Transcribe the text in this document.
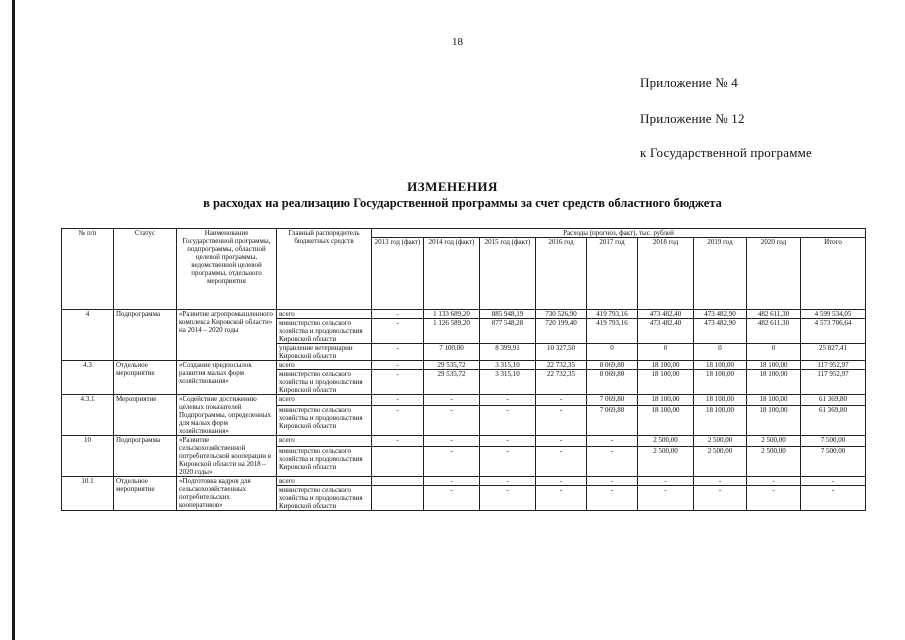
18
Приложение № 4
Приложение № 12
к Государственной программе
ИЗМЕНЕНИЯ
в расходах на реализацию Государственной программы за счет средств областного бюджета
№ п/п	Статус	Наименование Государственной программы, подпрограммы, областной целевой программы, ведомственной целевой программы, отдельного мероприятия	Главный распорядитель бюджетных средств	Расходы (прогноз, факт), тыс. рублей								
				2013 год (факт)	2014 год (факт)	2015 год (факт)	2016 год	2017 год	2018 год	2019 год	2020 год	Итого
4	Подпрограмма	«Развитие агропромышленного комплекса Кировской области» на 2014 – 2020 годы	всего	-	1 133 689,20	885 948,19	730 526,90	419 793,16	473 482,40	473 482,90	482 611,30	4 599 534,05
			министерство сельского хозяйства и продовольствия Кировской области	-	1 126 589,20	877 548,28	720 199,40	419 793,16	473 482,40	473 482,90	482 611,30	4 573 706,64
			управление ветеринарии Кировской области	-	7 100,00	8 399,91	10 327,50	0	0	0	0	25 827,41
4.3	Отдельное мероприятие	«Создание предпосылок развития малых форм хозяйствования»	всего	-	29 535,72	3 315,10	22 732,35	8 069,80	18 100,00	18 100,00	18 100,00	117 952,97
			министерство сельского хозяйства и продовольствия Кировской области	-	29 535,72	3 315,10	22 732,35	8 069,80	18 100,00	18 100,00	18 100,00	117 952,97
4.3.1	Мероприятие	«Содействие достижению целевых показателей Подпрограммы, определенных для малых форм хозяйствования»	всего	-	-	-	-	7 069,80	18 100,00	18 100,00	18 100,00	61 369,80
			министерство сельского хозяйства и продовольствия Кировской области	-	-	-	-	7 069,80	18 100,00	18 100,00	18 100,00	61 369,80
10	Подпрограмма	«Развитие сельскохозяйственной потребительской кооперации в Кировской области на 2018 – 2020 годы»	всего	-	-	-	-	-	2 500,00	2 500,00	2 500,00	7 500,00
			министерство сельского хозяйства и продовольствия Кировской области		-	-	-	-	2 500,00	2 500,00	2 500,00	7 500,00
10.1	Отдельное мероприятие	«Подготовка кадров для сельскохозяйственных потребительских кооперативов»	всего		-	-	-	-	-	-	-	-
			министерство сельского хозяйства и продовольствия Кировской области		-	-	-	-	-	-	-	-
